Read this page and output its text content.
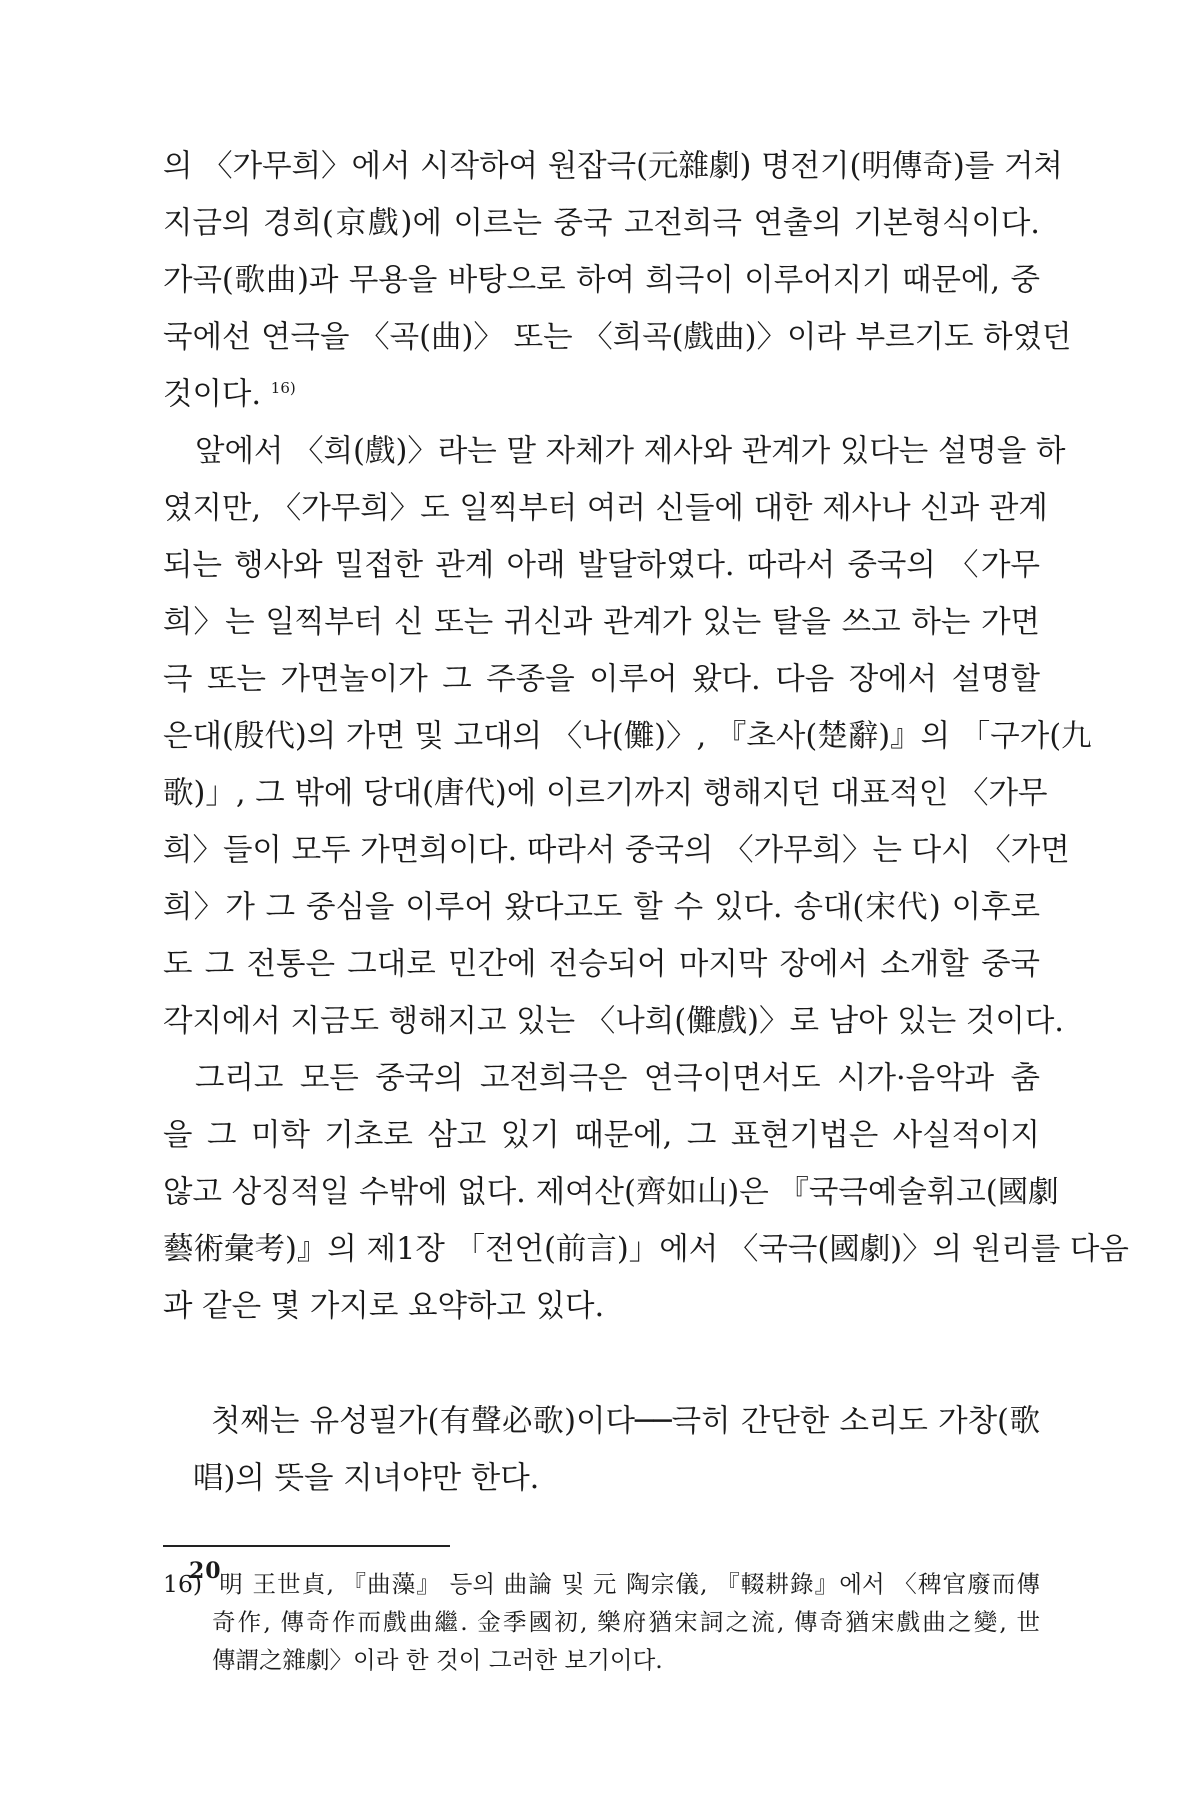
의 〈가무희〉에서 시작하여 원잡극(元雜劇) 명전기(明傳奇)를 거쳐
지금의 경희(京戲)에 이르는 중국 고전희극 연출의 기본형식이다.
가곡(歌曲)과 무용을 바탕으로 하여 희극이 이루어지기 때문에, 중
국에선 연극을 〈곡(曲)〉 또는 〈희곡(戲曲)〉이라 부르기도 하였던
것이다. $^{16)}$
앞에서 〈희(戲)〉라는 말 자체가 제사와 관계가 있다는 설명을 하
였지만, 〈가무희〉도 일찍부터 여러 신들에 대한 제사나 신과 관계
되는 행사와 밀접한 관계 아래 발달하였다. 따라서 중국의 〈가무
희〉는 일찍부터 신 또는 귀신과 관계가 있는 탈을 쓰고 하는 가면
극 또는 가면놀이가 그 주종을 이루어 왔다. 다음 장에서 설명할
은대(殷代)의 가면 및 고대의 〈나(儺)〉, 『초사(楚辭)』의 「구가(九
歌)」, 그 밖에 당대(唐代)에 이르기까지 행해지던 대표적인 〈가무
희〉들이 모두 가면희이다. 따라서 중국의 〈가무희〉는 다시 〈가면
희〉가 그 중심을 이루어 왔다고도 할 수 있다. 송대(宋代) 이후로
도 그 전통은 그대로 민간에 전승되어 마지막 장에서 소개할 중국
각지에서 지금도 행해지고 있는 〈나희(儺戲)〉로 남아 있는 것이다.
그리고 모든 중국의 고전희극은 연극이면서도 시가·음악과 춤
을 그 미학 기초로 삼고 있기 때문에, 그 표현기법은 사실적이지
않고 상징적일 수밖에 없다. 제여산(齊如山)은 『국극예술휘고(國劇
藝術彙考)』의 제1장 「전언(前言)」에서 〈국극(國劇)〉의 원리를 다음
과 같은 몇 가지로 요약하고 있다.
첫째는 유성필가(有聲必歌)이다──극히 간단한 소리도 가창(歌
唱)의 뜻을 지녀야만 한다.
16) 明 王世貞, 『曲藻』 등의 曲論 및 元 陶宗儀, 『輟耕錄』에서 〈稗官廢而傳
奇作, 傳奇作而戲曲繼. 金季國初, 樂府猶宋詞之流, 傳奇猶宋戲曲之變, 世
傳謂之雜劇〉이라 한 것이 그러한 보기이다.
20
